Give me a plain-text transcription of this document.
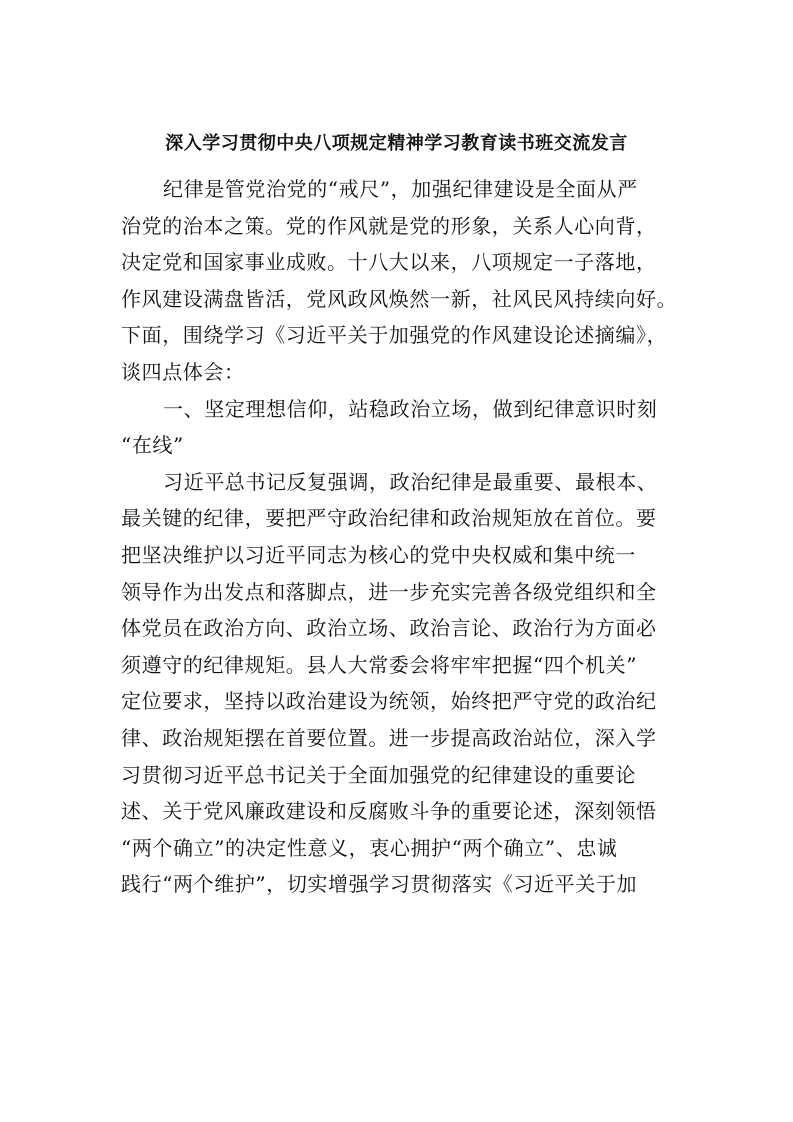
深入学习贯彻中央八项规定精神学习教育读书班交流发言
纪律是管党治党的“戒尺”，加强纪律建设是全面从严
治党的治本之策。党的作风就是党的形象，关系人心向背，
决定党和国家事业成败。十八大以来，八项规定一子落地，
作风建设满盘皆活，党风政风焕然一新，社风民风持续向好。
下面，围绕学习《习近平关于加强党的作风建设论述摘编》，
谈四点体会：
一、坚定理想信仰，站稳政治立场，做到纪律意识时刻
“在线”
习近平总书记反复强调，政治纪律是最重要、最根本、
最关键的纪律，要把严守政治纪律和政治规矩放在首位。要
把坚决维护以习近平同志为核心的党中央权威和集中统一
领导作为出发点和落脚点，进一步充实完善各级党组织和全
体党员在政治方向、政治立场、政治言论、政治行为方面必
须遵守的纪律规矩。县人大常委会将牢牢把握“四个机关”
定位要求，坚持以政治建设为统领，始终把严守党的政治纪
律、政治规矩摆在首要位置。进一步提高政治站位，深入学
习贯彻习近平总书记关于全面加强党的纪律建设的重要论
述、关于党风廉政建设和反腐败斗争的重要论述，深刻领悟
“两个确立”的决定性意义，衷心拥护“两个确立”、忠诚
践行“两个维护”，切实增强学习贯彻落实《习近平关于加
